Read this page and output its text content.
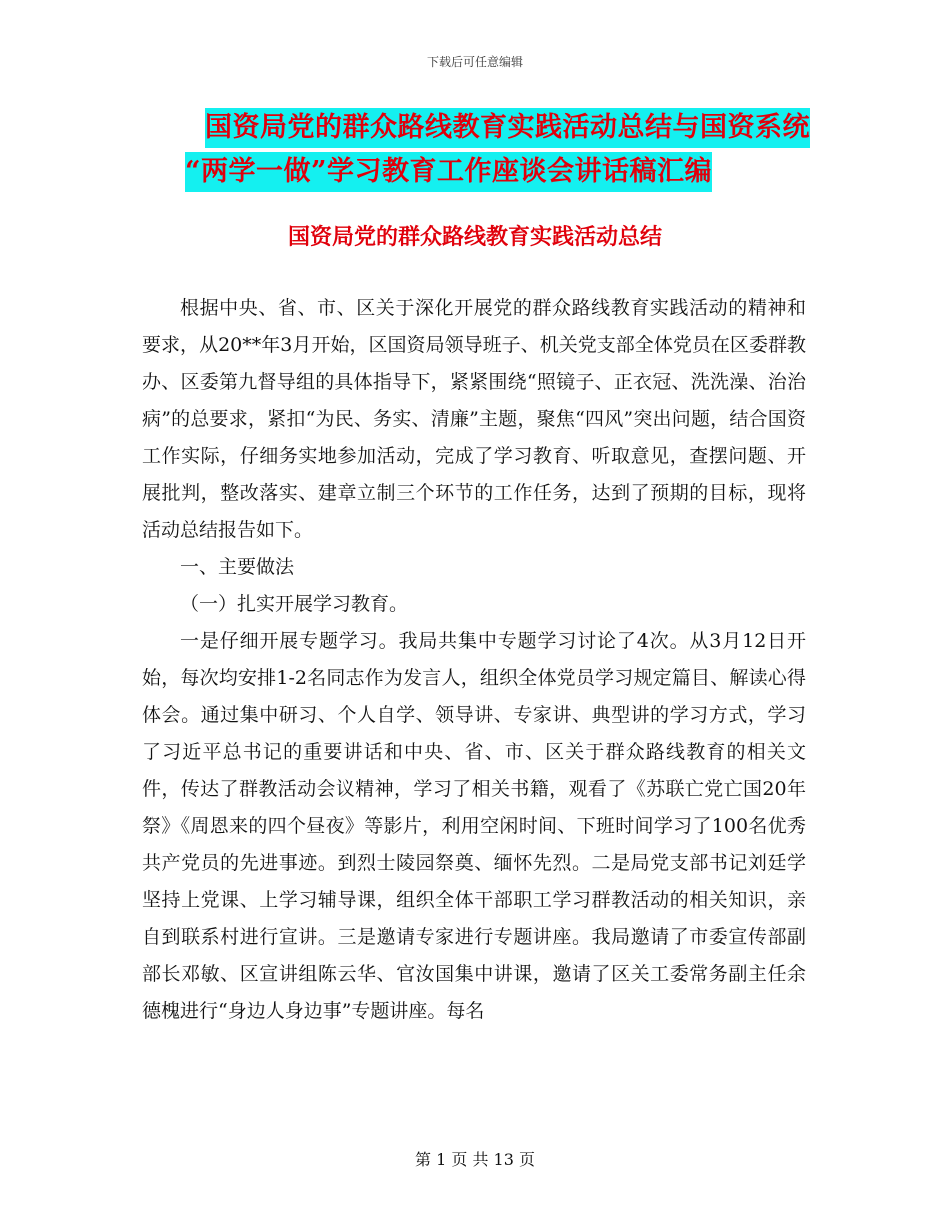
下载后可任意编辑
国资局党的群众路线教育实践活动总结与国资系统
“两学一做”学习教育工作座谈会讲话稿汇编
国资局党的群众路线教育实践活动总结

根据中央、省、市、区关于深化开展党的群众路线教育实践活动的精神和要求，从20**年3月开始，区国资局领导班子、机关党支部全体党员在区委群教办、区委第九督导组的具体指导下，紧紧围绕“照镜子、正衣冠、洗洗澡、治治病”的总要求，紧扣“为民、务实、清廉”主题，聚焦“四风”突出问题，结合国资工作实际，仔细务实地参加活动，完成了学习教育、听取意见，查摆问题、开展批判，整改落实、建章立制三个环节的工作任务，达到了预期的目标，现将活动总结报告如下。

一、主要做法

（一）扎实开展学习教育。

一是仔细开展专题学习。我局共集中专题学习讨论了4次。从3月12日开始，每次均安排1-2名同志作为发言人，组织全体党员学习规定篇目、解读心得体会。通过集中研习、个人自学、领导讲、专家讲、典型讲的学习方式，学习了习近平总书记的重要讲话和中央、省、市、区关于群众路线教育的相关文件，传达了群教活动会议精神，学习了相关书籍，观看了《苏联亡党亡国20年祭》《周恩来的四个昼夜》等影片，利用空闲时间、下班时间学习了100名优秀共产党员的先进事迹。到烈士陵园祭奠、缅怀先烈。二是局党支部书记刘廷学坚持上党课、上学习辅导课，组织全体干部职工学习群教活动的相关知识，亲自到联系村进行宣讲。三是邀请专家进行专题讲座。我局邀请了市委宣传部副部长邓敏、区宣讲组陈云华、官汝国集中讲课，邀请了区关工委常务副主任余德槐进行“身边人身边事”专题讲座。每名

第 1 页 共 13 页
